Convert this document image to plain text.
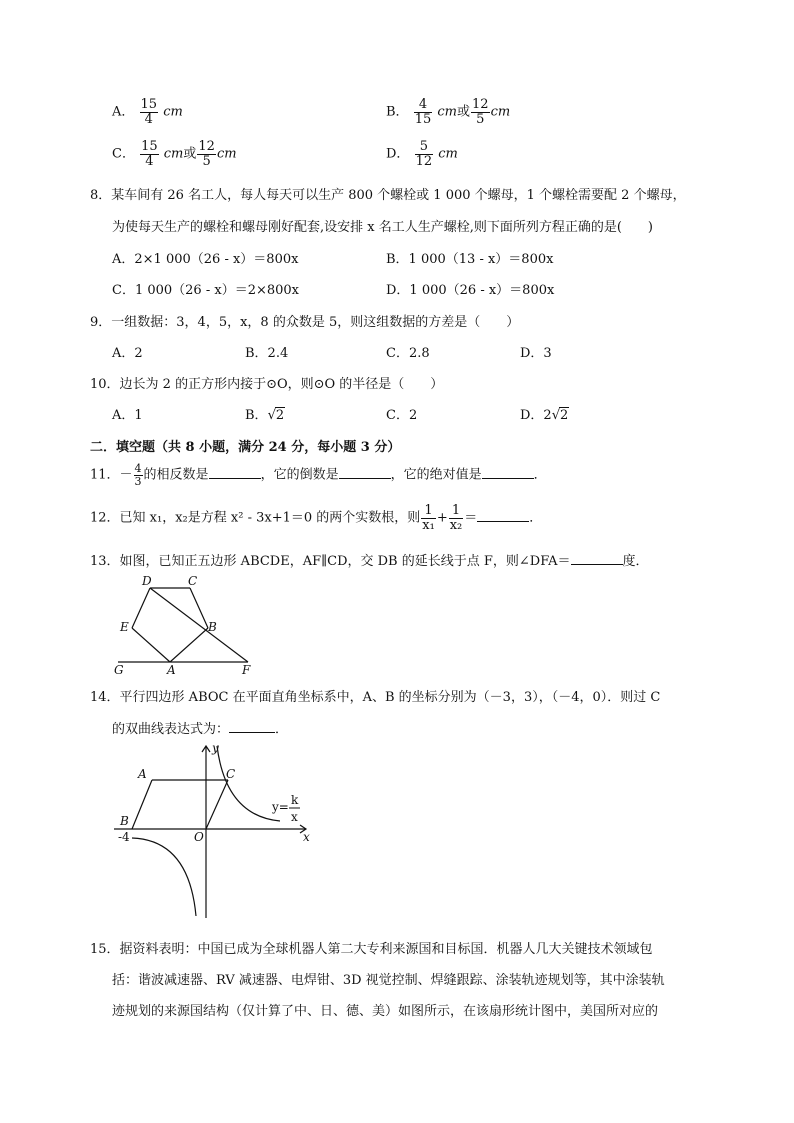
A． $\frac{15}{4}$ cm	B． $\frac{4}{15}$ cm或 $\frac{12}{5}$ cm
C． $\frac{15}{4}$ cm或 $\frac{12}{5}$ cm	D． $\frac{5}{12}$ cm
8．某车间有 26 名工人，每人每天可以生产 800 个螺栓或 1 000 个螺母，1 个螺栓需要配 2 个螺母，
为使每天生产的螺栓和螺母刚好配套,设安排 x 名工人生产螺栓,则下面所列方程正确的是(　　)
A．2×1 000（26 - x）＝800x	B．1 000（13 - x）＝800x
C．1 000（26 - x）＝2×800x	D．1 000（26 - x）＝800x
9．一组数据：3，4，5，x，8 的众数是 5，则这组数据的方差是（　　）
A．2	B．2.4	C．2.8	D．3
10．边长为 2 的正方形内接于⊙O，则⊙O 的半径是（　　）
A．1	B．√2	C．2	D．2√2
二．填空题（共 8 小题，满分 24 分，每小题 3 分）
11．－ $\frac{4}{3}$ 的相反数是	，它的倒数是	，它的绝对值是	．
12．已知 x₁，x₂是方程 x² - 3x+1＝0 的两个实数根，则 $\frac{1}{\text{x₁}} + \frac{1}{\text{x₂}}$ ＝	．
13．如图，已知正五边形 ABCDE，AF∥CD，交 DB 的延长线于点 F，则∠DFA＝	度．
D	C
E	B
G	A	F
14．平行四边形 ABOC 在平面直角坐标系中，A、B 的坐标分别为（－3，3），（－4，0）．则过 C
的双曲线表达式为：	．
y
x
A
B
C
O
-4
y= k
x
15．据资料表明：中国已成为全球机器人第二大专利来源国和目标国．机器人几大关键技术领域包
括：谐波减速器、RV 减速器、电焊钳、3D 视觉控制、焊缝跟踪、涂装轨迹规划等，其中涂装轨
迹规划的来源国结构（仅计算了中、日、德、美）如图所示，在该扇形统计图中，美国所对应的
